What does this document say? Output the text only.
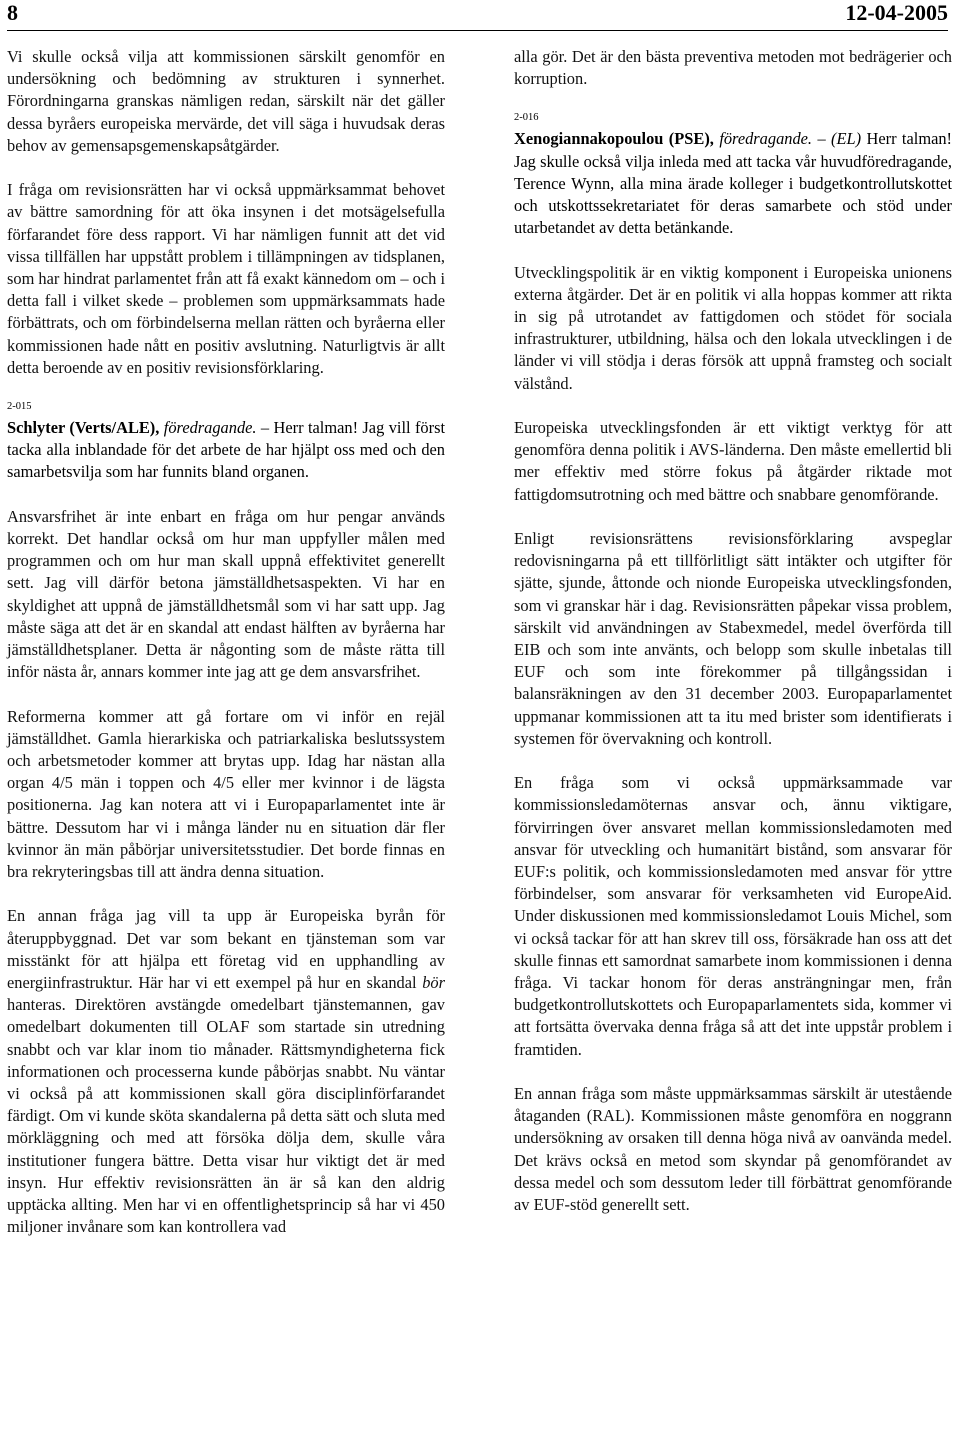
8	12-04-2005

Vi skulle också vilja att kommissionen särskilt genomför en undersökning och bedömning av strukturen i synnerhet. Förordningarna granskas nämligen redan, särskilt när det gäller dessa byråers europeiska mervärde, det vill säga i huvudsak deras behov av gemensapsgemenskapsåtgärder.

I fråga om revisionsrätten har vi också uppmärksammat behovet av bättre samordning för att öka insynen i det motsägelsefulla förfarandet före dess rapport. Vi har nämligen funnit att det vid vissa tillfällen har uppstått problem i tillämpningen av tidsplanen, som har hindrat parlamentet från att få exakt kännedom om – och i detta fall i vilket skede – problemen som uppmärksammats hade förbättrats, och om förbindelserna mellan rätten och byråerna eller kommissionen hade nått en positiv avslutning. Naturligtvis är allt detta beroende av en positiv revisionsförklaring.

2-015
Schlyter (Verts/ALE), föredragande. – Herr talman! Jag vill först tacka alla inblandade för det arbete de har hjälpt oss med och den samarbetsvilja som har funnits bland organen.

Ansvarsfrihet är inte enbart en fråga om hur pengar används korrekt. Det handlar också om hur man uppfyller målen med programmen och om hur man skall uppnå effektivitet generellt sett. Jag vill därför betona jämställdhetsaspekten. Vi har en skyldighet att uppnå de jämställdhetsmål som vi har satt upp. Jag måste säga att det är en skandal att endast hälften av byråerna har jämställdhetsplaner. Detta är någonting som de måste rätta till inför nästa år, annars kommer inte jag att ge dem ansvarsfrihet.

Reformerna kommer att gå fortare om vi inför en rejäl jämställdhet. Gamla hierarkiska och patriarkaliska beslutssystem och arbetsmetoder kommer att brytas upp. Idag har nästan alla organ 4/5 män i toppen och 4/5 eller mer kvinnor i de lägsta positionerna. Jag kan notera att vi i Europaparlamentet inte är bättre. Dessutom har vi i många länder nu en situation där fler kvinnor än män påbörjar universitetsstudier. Det borde finnas en bra rekryteringsbas till att ändra denna situation.

En annan fråga jag vill ta upp är Europeiska byrån för återuppbyggnad. Det var som bekant en tjänsteman som var misstänkt för att hjälpa ett företag vid en upphandling av energiinfrastruktur. Här har vi ett exempel på hur en skandal bör hanteras. Direktören avstängde omedelbart tjänstemannen, gav omedelbart dokumenten till OLAF som startade sin utredning snabbt och var klar inom tio månader. Rättsmyndigheterna fick informationen och processerna kunde påbörjas snabbt. Nu väntar vi också på att kommissionen skall göra disciplinförfarandet färdigt. Om vi kunde sköta skandalerna på detta sätt och sluta med mörkläggning och med att försöka dölja dem, skulle våra institutioner fungera bättre. Detta visar hur viktigt det är med insyn. Hur effektiv revisionsrätten än är så kan den aldrig upptäcka allting. Men har vi en offentlighetsprincip så har vi 450 miljoner invånare som kan kontrollera vad

alla gör. Det är den bästa preventiva metoden mot bedrägerier och korruption.

2-016
Xenogiannakopoulou (PSE), föredragande. – (EL) Herr talman! Jag skulle också vilja inleda med att tacka vår huvudföredragande, Terence Wynn, alla mina ärade kolleger i budgetkontrollutskottet och utskottssekretariatet för deras samarbete och stöd under utarbetandet av detta betänkande.

Utvecklingspolitik är en viktig komponent i Europeiska unionens externa åtgärder. Det är en politik vi alla hoppas kommer att rikta in sig på utrotandet av fattigdomen och stödet för sociala infrastrukturer, utbildning, hälsa och den lokala utvecklingen i de länder vi vill stödja i deras försök att uppnå framsteg och socialt välstånd.

Europeiska utvecklingsfonden är ett viktigt verktyg för att genomföra denna politik i AVS-länderna. Den måste emellertid bli mer effektiv med större fokus på åtgärder riktade mot fattigdomsutrotning och med bättre och snabbare genomförande.

Enligt revisionsrättens revisionsförklaring avspeglar redovisningarna på ett tillförlitligt sätt intäkter och utgifter för sjätte, sjunde, åttonde och nionde Europeiska utvecklingsfonden, som vi granskar här i dag. Revisionsrätten påpekar vissa problem, särskilt vid användningen av Stabexmedel, medel överförda till EIB och som inte använts, och belopp som skulle inbetalas till EUF och som inte förekommer på tillgångssidan i balansräkningen av den 31 december 2003. Europaparlamentet uppmanar kommissionen att ta itu med brister som identifierats i systemen för övervakning och kontroll.

En fråga som vi också uppmärksammade var kommissionsledamöternas ansvar och, ännu viktigare, förvirringen över ansvaret mellan kommissionsledamoten med ansvar för utveckling och humanitärt bistånd, som ansvarar för EUF:s politik, och kommissionsledamoten med ansvar för yttre förbindelser, som ansvarar för verksamheten vid EuropeAid. Under diskussionen med kommissionsledamot Louis Michel, som vi också tackar för att han skrev till oss, försäkrade han oss att det skulle finnas ett samordnat samarbete inom kommissionen i denna fråga. Vi tackar honom för deras ansträngningar men, från budgetkontrollutskottets och Europaparlamentets sida, kommer vi att fortsätta övervaka denna fråga så att det inte uppstår problem i framtiden.

En annan fråga som måste uppmärksammas särskilt är utestående åtaganden (RAL). Kommissionen måste genomföra en noggrann undersökning av orsaken till denna höga nivå av oanvända medel. Det krävs också en metod som skyndar på genomförandet av dessa medel och som dessutom leder till förbättrat genomförande av EUF-stöd generellt sett.
